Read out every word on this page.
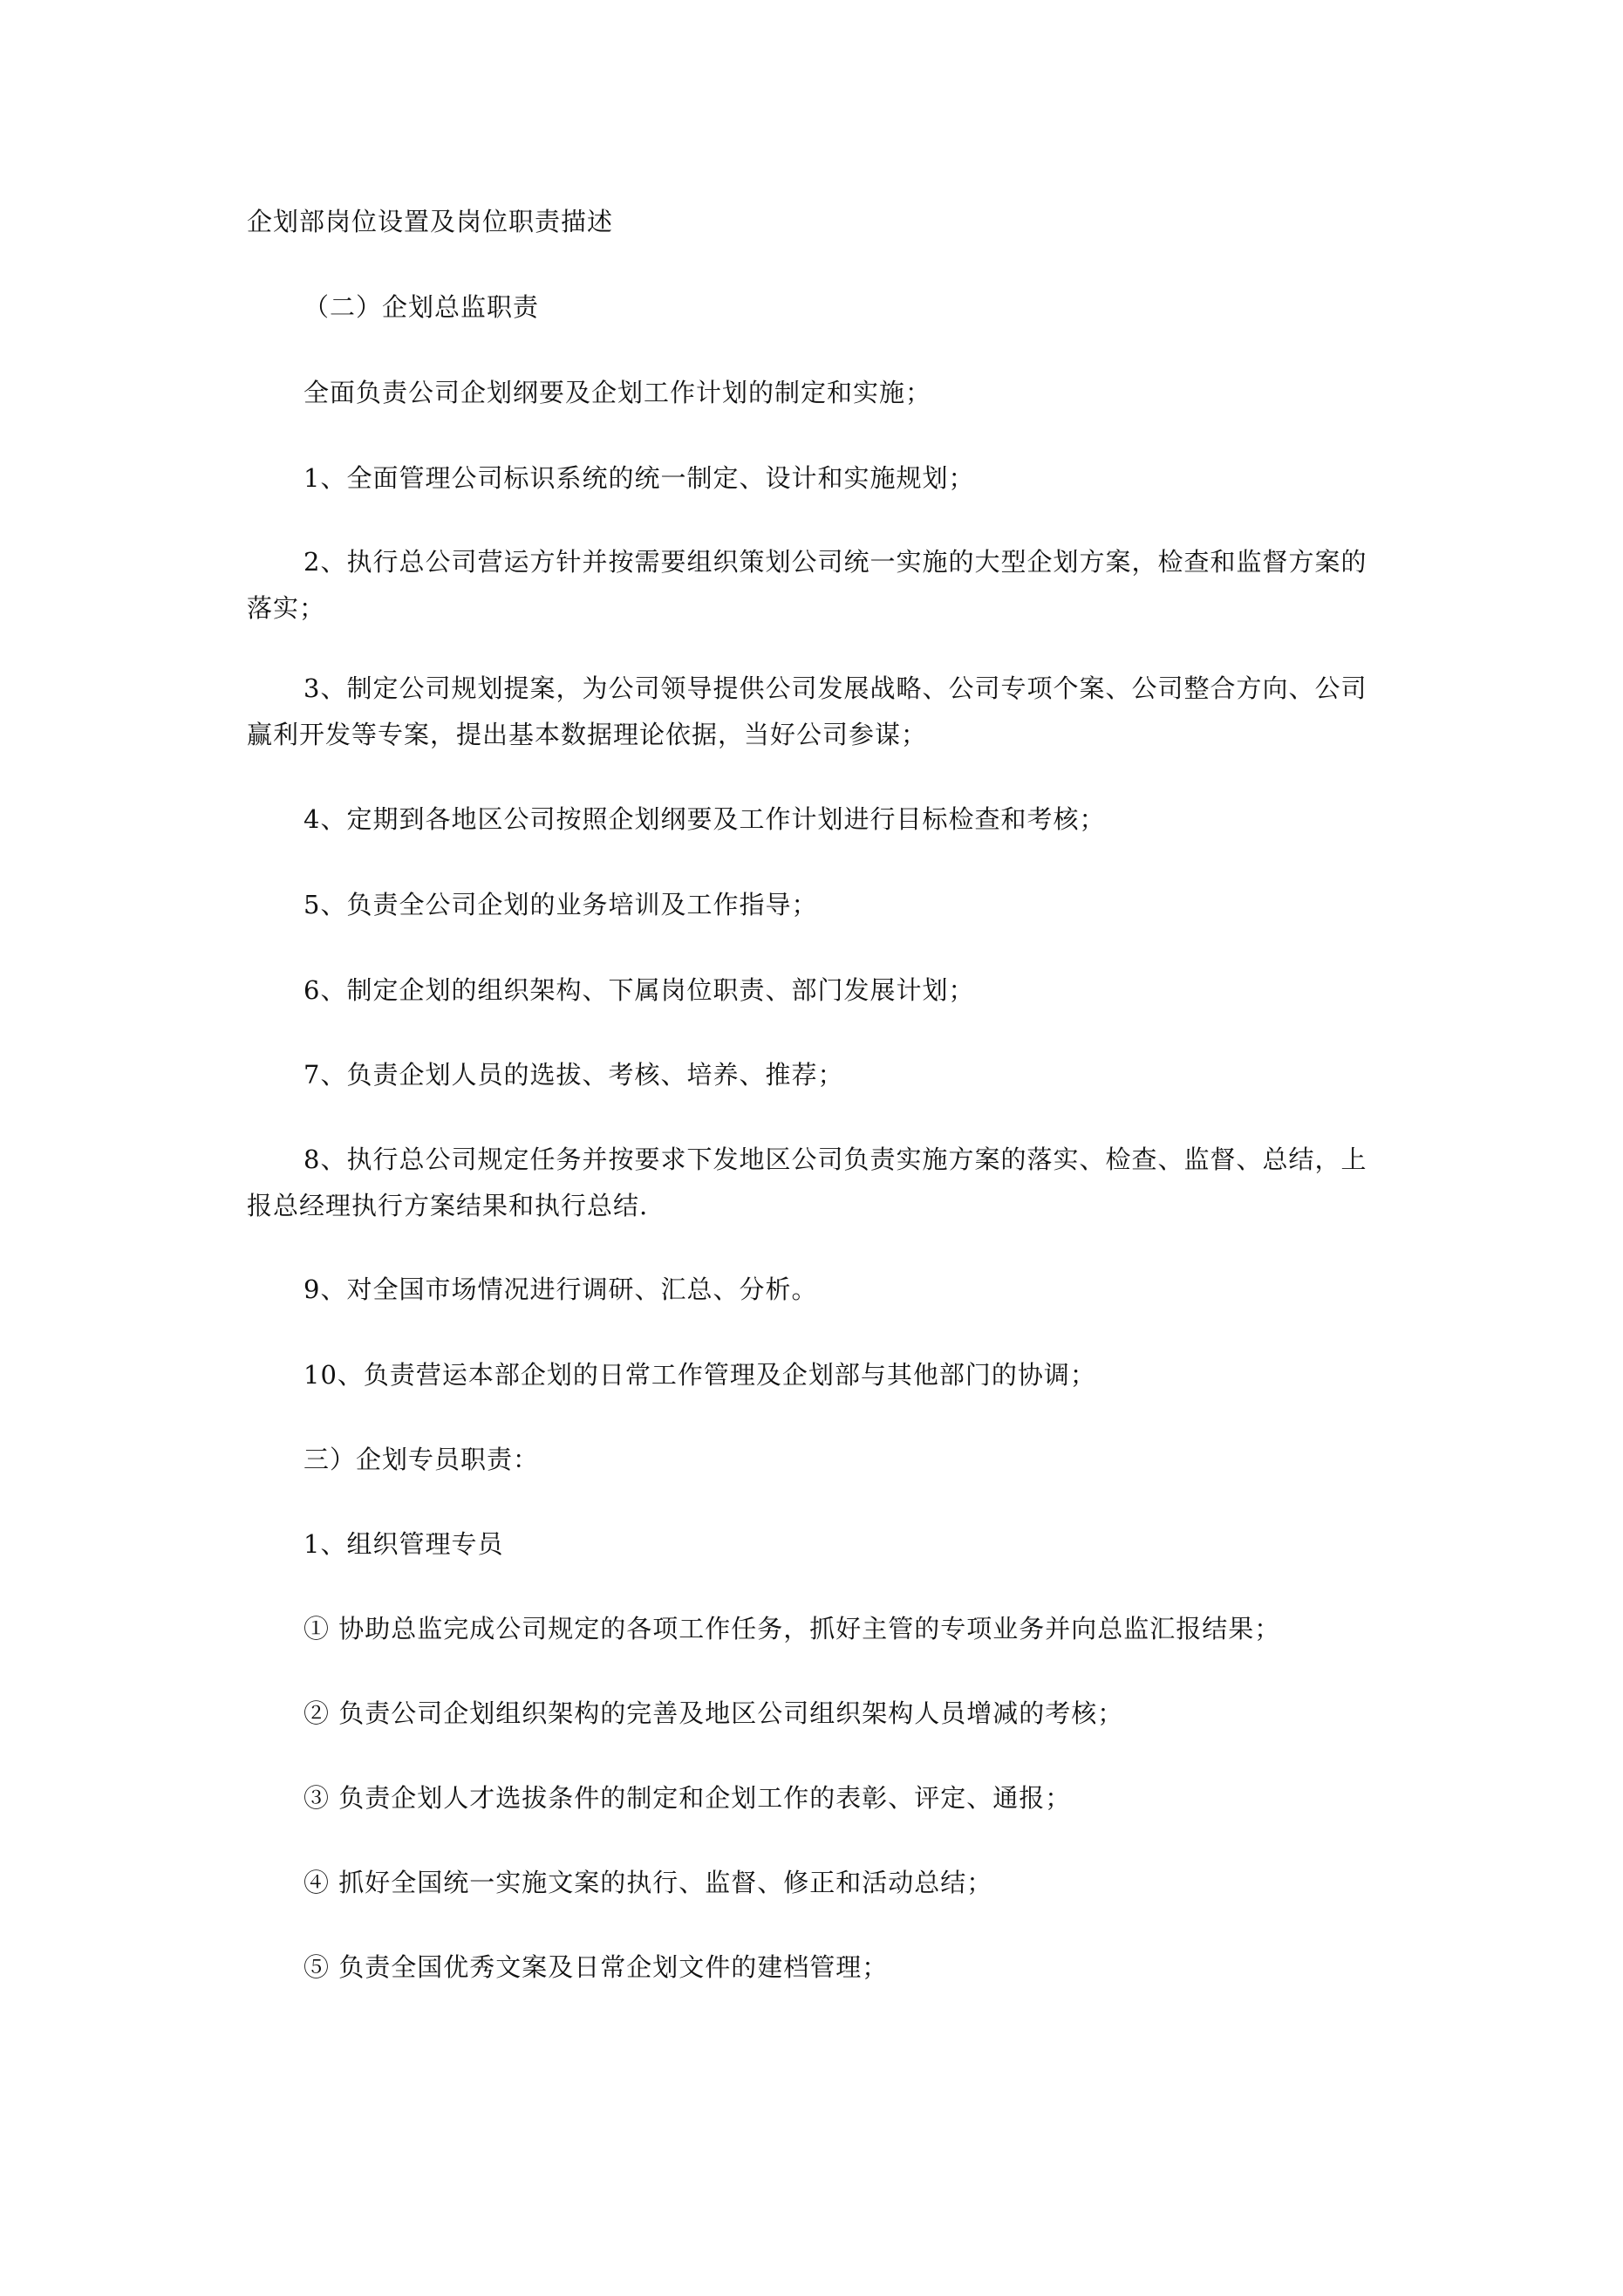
企划部岗位设置及岗位职责描述

（二）企划总监职责

全面负责公司企划纲要及企划工作计划的制定和实施；

1、全面管理公司标识系统的统一制定、设计和实施规划；

2、执行总公司营运方针并按需要组织策划公司统一实施的大型企划方案，检查和监督方案的

落实；

3、制定公司规划提案，为公司领导提供公司发展战略、公司专项个案、公司整合方向、公司

赢利开发等专案，提出基本数据理论依据，当好公司参谋；

4、定期到各地区公司按照企划纲要及工作计划进行目标检查和考核；

5、负责全公司企划的业务培训及工作指导；

6、制定企划的组织架构、下属岗位职责、部门发展计划；

7、负责企划人员的选拔、考核、培养、推荐；

8、执行总公司规定任务并按要求下发地区公司负责实施方案的落实、检查、监督、总结，上

报总经理执行方案结果和执行总结.

9、对全国市场情况进行调研、汇总、分析。

10、负责营运本部企划的日常工作管理及企划部与其他部门的协调；

三）企划专员职责：

1、组织管理专员

① 协助总监完成公司规定的各项工作任务，抓好主管的专项业务并向总监汇报结果；

② 负责公司企划组织架构的完善及地区公司组织架构人员增减的考核；

③ 负责企划人才选拔条件的制定和企划工作的表彰、评定、通报；

④ 抓好全国统一实施文案的执行、监督、修正和活动总结；

⑤ 负责全国优秀文案及日常企划文件的建档管理；
